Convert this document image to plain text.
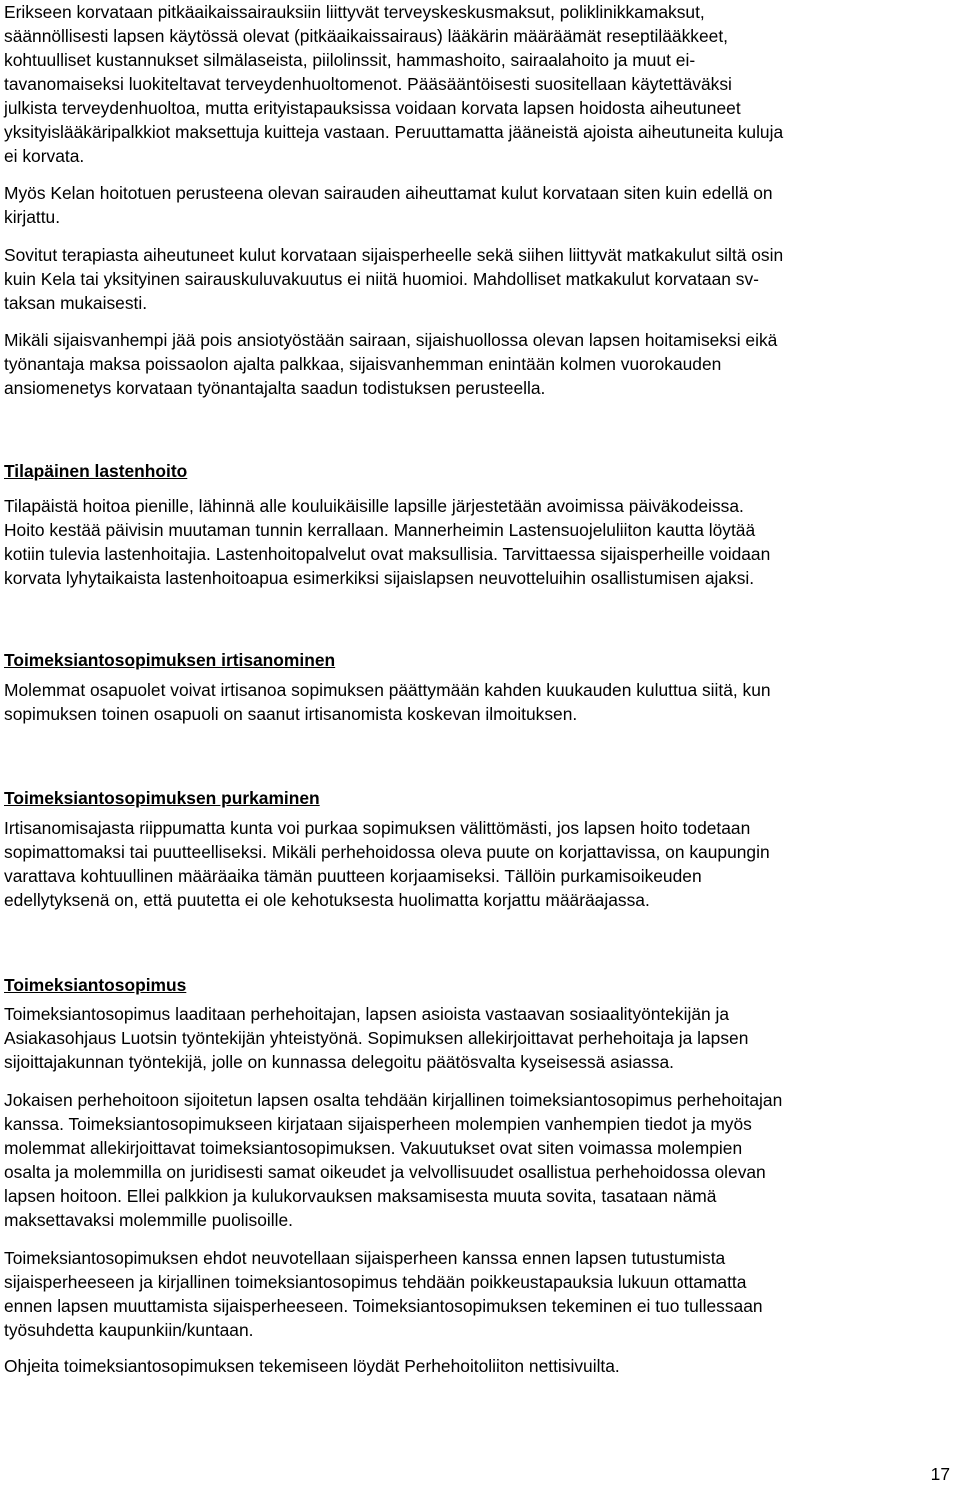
Erikseen korvataan pitkäaikaissairauksiin liittyvät terveyskeskusmaksut, poliklinikkamaksut,
säännöllisesti lapsen käytössä olevat (pitkäaikaissairaus) lääkärin määräämät reseptilääkkeet,
kohtuulliset kustannukset silmälaseista, piilolinssit, hammashoito, sairaalahoito ja muut ei-
tavanomaiseksi luokiteltavat terveydenhuoltomenot. Pääsääntöisesti suositellaan käytettäväksi
julkista terveydenhuoltoa, mutta erityistapauksissa voidaan korvata lapsen hoidosta aiheutuneet
yksityislääkäripalkkiot maksettuja kuitteja vastaan. Peruuttamatta jääneistä ajoista aiheutuneita kuluja
ei korvata.

Myös Kelan hoitotuen perusteena olevan sairauden aiheuttamat kulut korvataan siten kuin edellä on
kirjattu.

Sovitut terapiasta aiheutuneet kulut korvataan sijaisperheelle sekä siihen liittyvät matkakulut siltä osin
kuin Kela tai yksityinen sairauskuluvakuutus ei niitä huomioi. Mahdolliset matkakulut korvataan sv-
taksan mukaisesti.

Mikäli sijaisvanhempi jää pois ansiotyöstään sairaan, sijaishuollossa olevan lapsen hoitamiseksi eikä
työnantaja maksa poissaolon ajalta palkkaa, sijaisvanhemman enintään kolmen vuorokauden
ansiomenetys korvataan työnantajalta saadun todistuksen perusteella.

Tilapäinen lastenhoito

Tilapäistä hoitoa pienille, lähinnä alle kouluikäisille lapsille järjestetään avoimissa päiväkodeissa.
Hoito kestää päivisin muutaman tunnin kerrallaan. Mannerheimin Lastensuojeluliiton kautta löytää
kotiin tulevia lastenhoitajia. Lastenhoitopalvelut ovat maksullisia. Tarvittaessa sijaisperheille voidaan
korvata lyhytaikaista lastenhoitoapua esimerkiksi sijaislapsen neuvotteluihin osallistumisen ajaksi.

Toimeksiantosopimuksen irtisanominen

Molemmat osapuolet voivat irtisanoa sopimuksen päättymään kahden kuukauden kuluttua siitä, kun
sopimuksen toinen osapuoli on saanut irtisanomista koskevan ilmoituksen.

Toimeksiantosopimuksen purkaminen

Irtisanomisajasta riippumatta kunta voi purkaa sopimuksen välittömästi, jos lapsen hoito todetaan
sopimattomaksi tai puutteelliseksi. Mikäli perhehoidossa oleva puute on korjattavissa, on kaupungin
varattava kohtuullinen määräaika tämän puutteen korjaamiseksi. Tällöin purkamisoikeuden
edellytyksenä on, että puutetta ei ole kehotuksesta huolimatta korjattu määräajassa.

Toimeksiantosopimus

Toimeksiantosopimus laaditaan perhehoitajan, lapsen asioista vastaavan sosiaalityöntekijän ja
Asiakasohjaus Luotsin työntekijän yhteistyönä. Sopimuksen allekirjoittavat perhehoitaja ja lapsen
sijoittajakunnan työntekijä, jolle on kunnassa delegoitu päätösvalta kyseisessä asiassa.

Jokaisen perhehoitoon sijoitetun lapsen osalta tehdään kirjallinen toimeksiantosopimus perhehoitajan
kanssa. Toimeksiantosopimukseen kirjataan sijaisperheen molempien vanhempien tiedot ja myös
molemmat allekirjoittavat toimeksiantosopimuksen. Vakuutukset ovat siten voimassa molempien
osalta ja molemmilla on juridisesti samat oikeudet ja velvollisuudet osallistua perhehoidossa olevan
lapsen hoitoon. Ellei palkkion ja kulukorvauksen maksamisesta muuta sovita, tasataan nämä
maksettavaksi molemmille puolisoille.

Toimeksiantosopimuksen ehdot neuvotellaan sijaisperheen kanssa ennen lapsen tutustumista
sijaisperheeseen ja kirjallinen toimeksiantosopimus tehdään poikkeustapauksia lukuun ottamatta
ennen lapsen muuttamista sijaisperheeseen. Toimeksiantosopimuksen tekeminen ei tuo tullessaan
työsuhdetta kaupunkiin/kuntaan.

Ohjeita toimeksiantosopimuksen tekemiseen löydät Perhehoitoliiton nettisivuilta.

17
